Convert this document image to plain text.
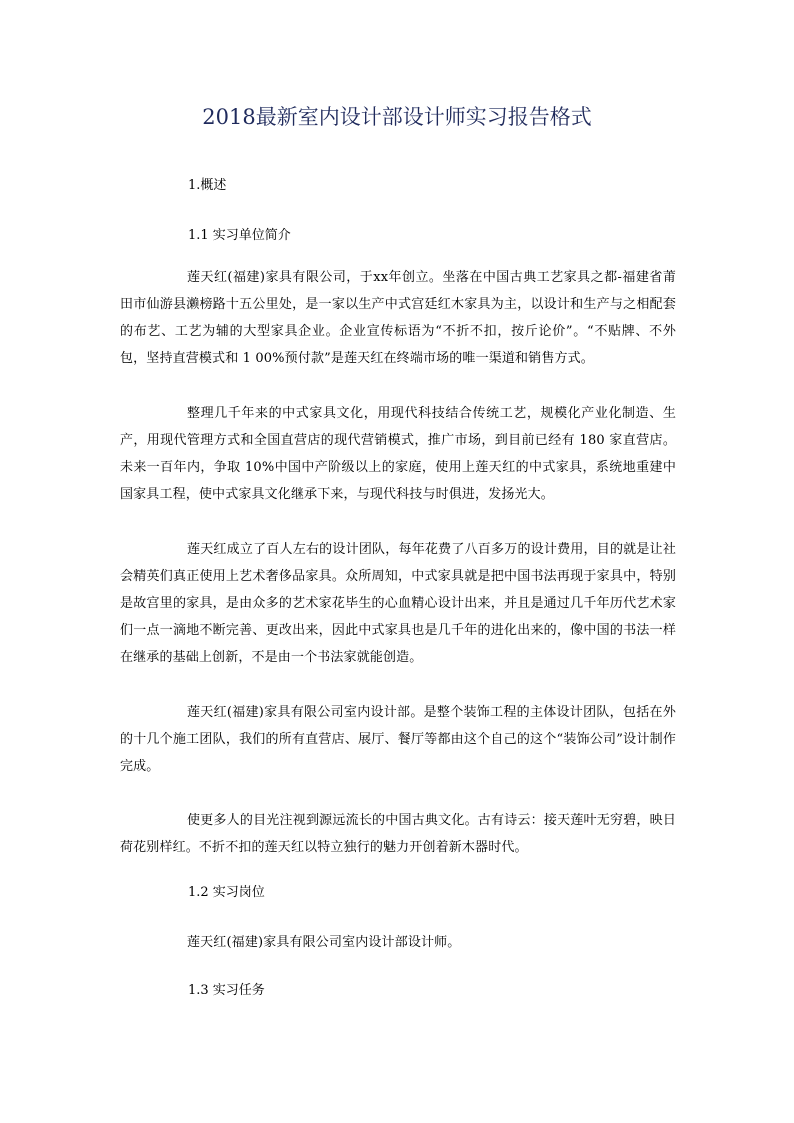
2018最新室内设计部设计师实习报告格式
1.概述
1.1 实习单位简介
莲天红(福建)家具有限公司，于xx年创立。坐落在中国古典工艺家具之都-福建省莆田市仙游县濑榜路十五公里处，是一家以生产中式宫廷红木家具为主，以设计和生产与之相配套的布艺、工艺为辅的大型家具企业。企业宣传标语为“不折不扣，按斤论价”。“不贴牌、不外包，坚持直营模式和 1 00%预付款”是莲天红在终端市场的唯一渠道和销售方式。
整理几千年来的中式家具文化，用现代科技结合传统工艺，规模化产业化制造、生产，用现代管理方式和全国直营店的现代营销模式，推广市场，到目前已经有 180 家直营店。未来一百年内，争取 10%中国中产阶级以上的家庭，使用上莲天红的中式家具，系统地重建中国家具工程，使中式家具文化继承下来，与现代科技与时俱进，发扬光大。
莲天红成立了百人左右的设计团队，每年花费了八百多万的设计费用，目的就是让社会精英们真正使用上艺术奢侈品家具。众所周知，中式家具就是把中国书法再现于家具中，特别是故宫里的家具，是由众多的艺术家花毕生的心血精心设计出来，并且是通过几千年历代艺术家们一点一滴地不断完善、更改出来，因此中式家具也是几千年的进化出来的，像中国的书法一样在继承的基础上创新，不是由一个书法家就能创造。
莲天红(福建)家具有限公司室内设计部。是整个装饰工程的主体设计团队，包括在外的十几个施工团队，我们的所有直营店、展厅、餐厅等都由这个自己的这个“装饰公司”设计制作完成。
使更多人的目光注视到源远流长的中国古典文化。古有诗云：接天莲叶无穷碧，映日荷花别样红。不折不扣的莲天红以特立独行的魅力开创着新木器时代。
1.2 实习岗位
莲天红(福建)家具有限公司室内设计部设计师。
1.3 实习任务
